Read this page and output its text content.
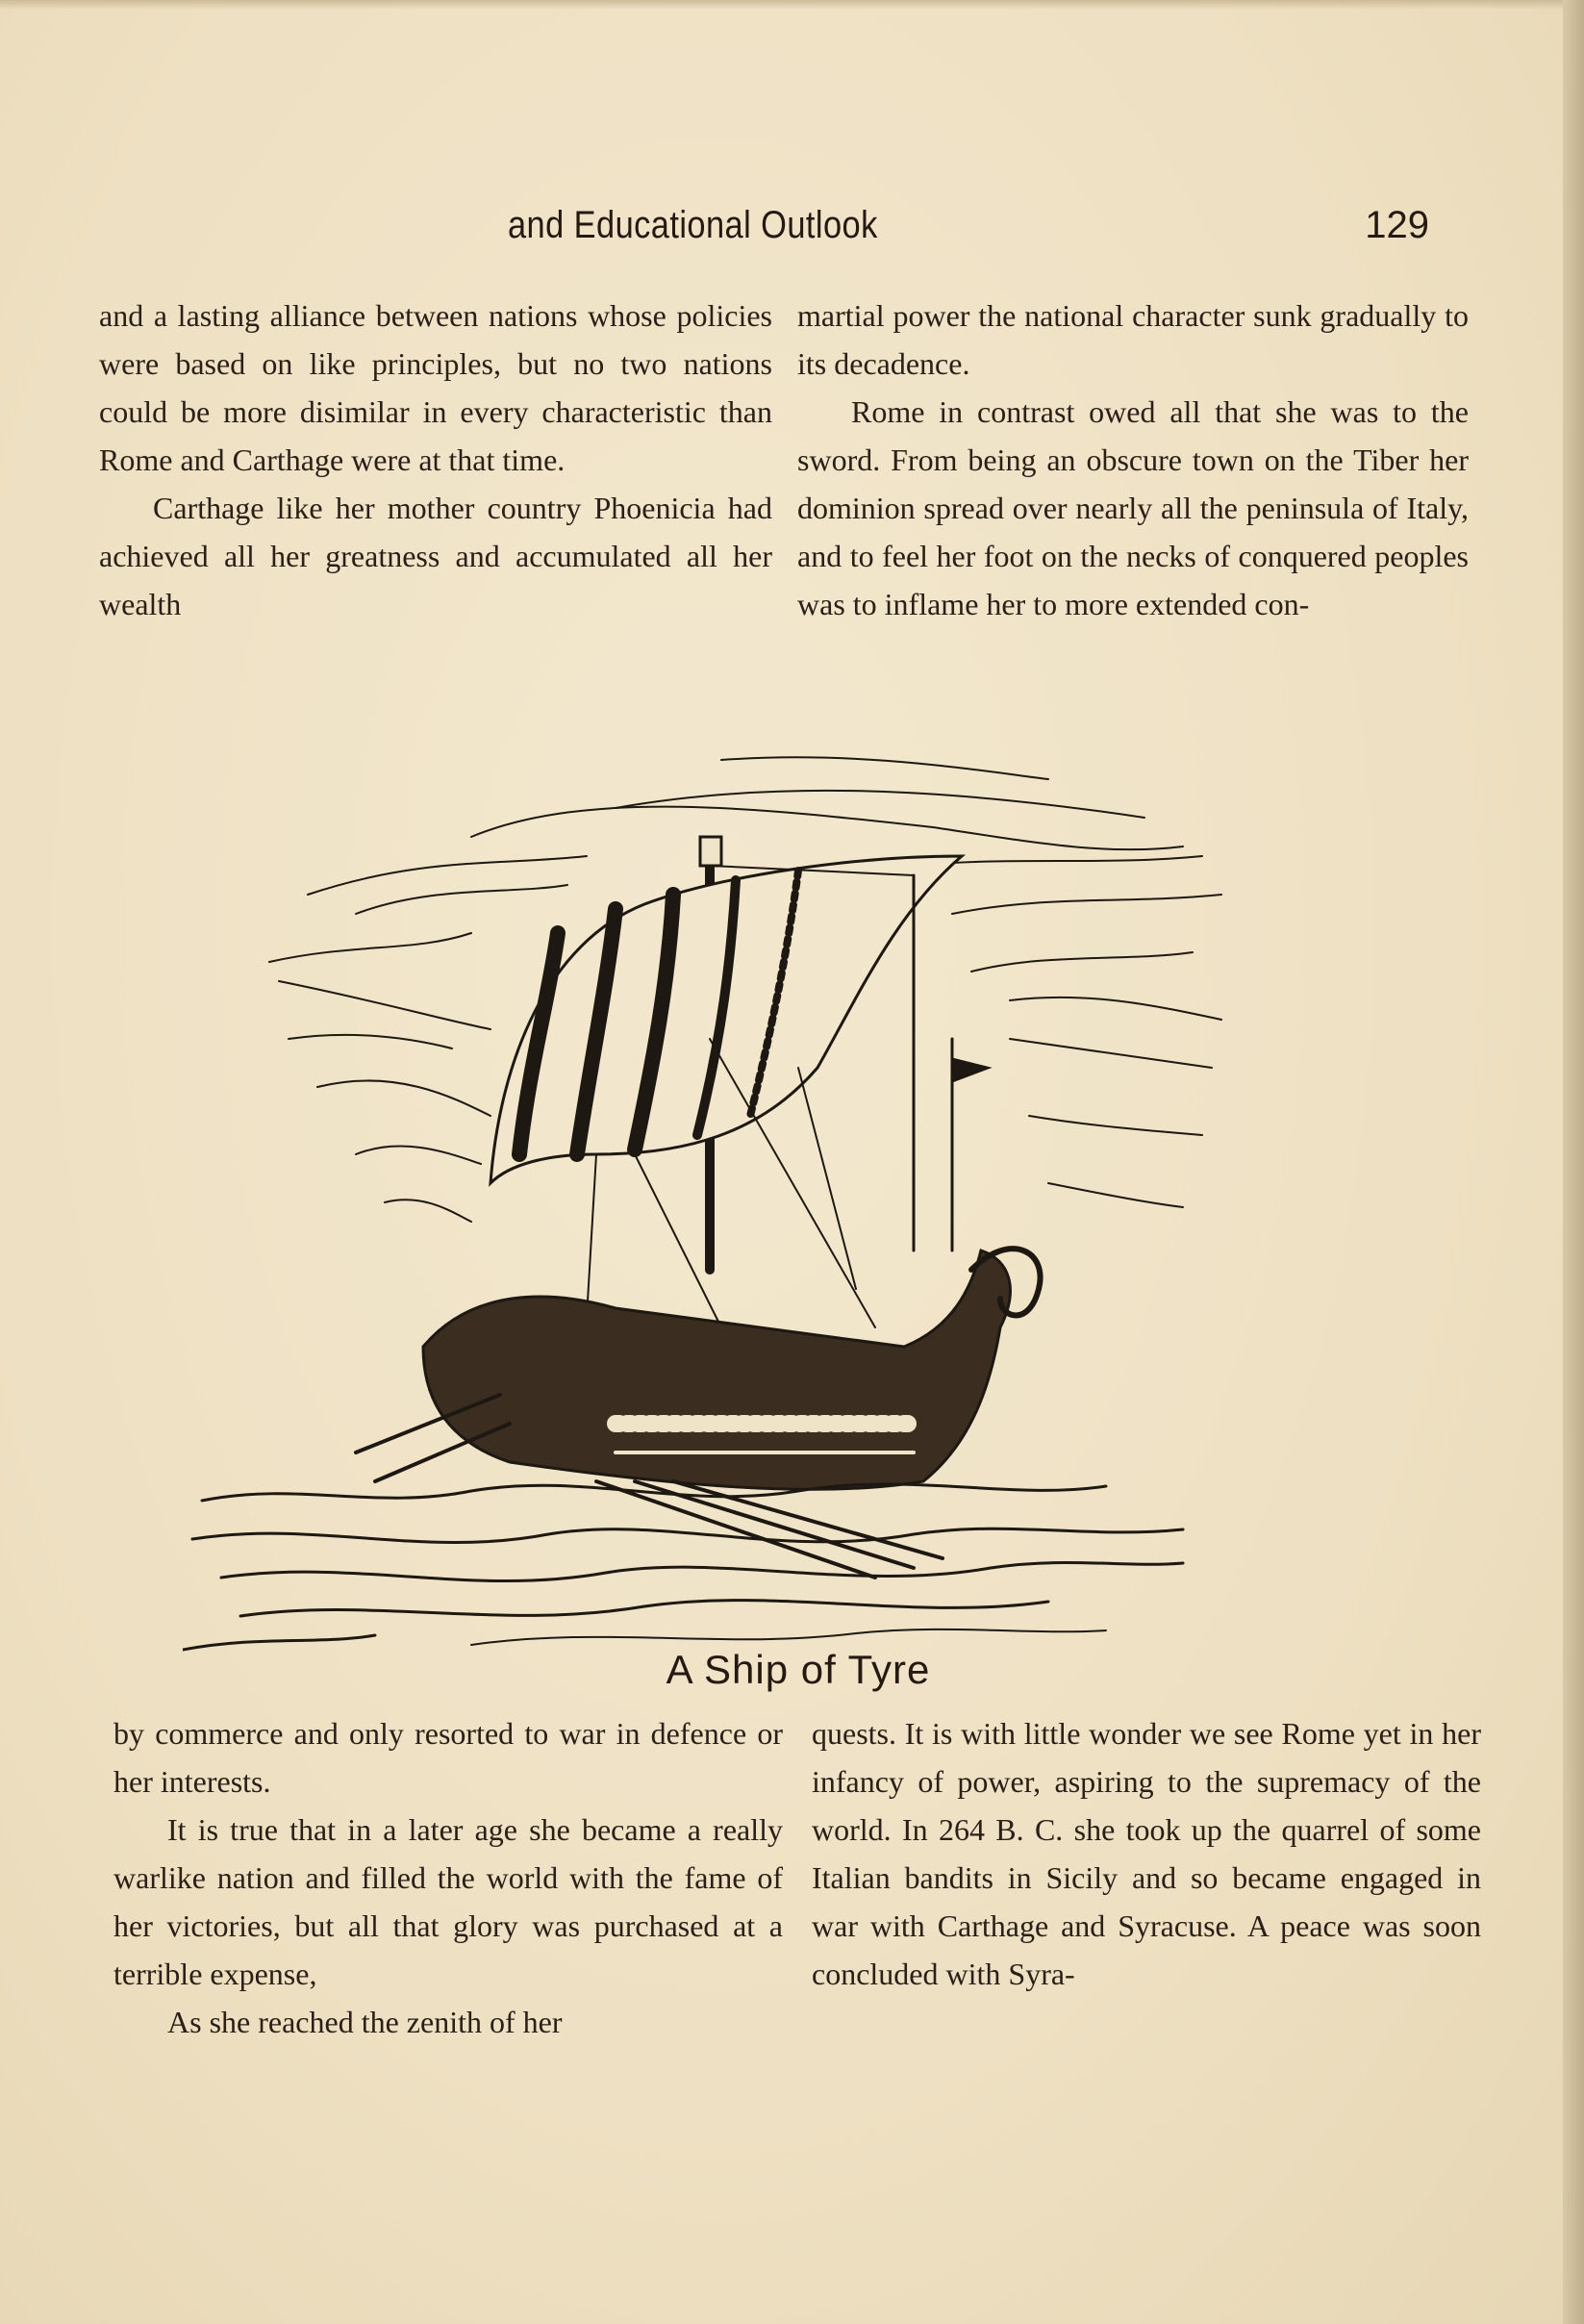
and Educational Outlook	129

and a lasting alliance between nations whose policies were based on like principles, but no two nations could be more disimilar in every characteristic than Rome and Carthage were at that time.

Carthage like her mother country Phoenicia had achieved all her greatness and accumulated all her wealth

martial power the national character sunk gradually to its decadence.

Rome in contrast owed all that she was to the sword. From being an obscure town on the Tiber her dominion spread over nearly all the peninsula of Italy, and to feel her foot on the necks of conquered peoples was to inflame her to more extended con-

A Ship of Tyre

by commerce and only resorted to war in defence or her interests.

It is true that in a later age she became a really warlike nation and filled the world with the fame of her victories, but all that glory was purchased at a terrible expense,

As she reached the zenith of her

quests. It is with little wonder we see Rome yet in her infancy of power, aspiring to the supremacy of the world. In 264 B. C. she took up the quarrel of some Italian bandits in Sicily and so became engaged in war with Carthage and Syracuse. A peace was soon concluded with Syra-
